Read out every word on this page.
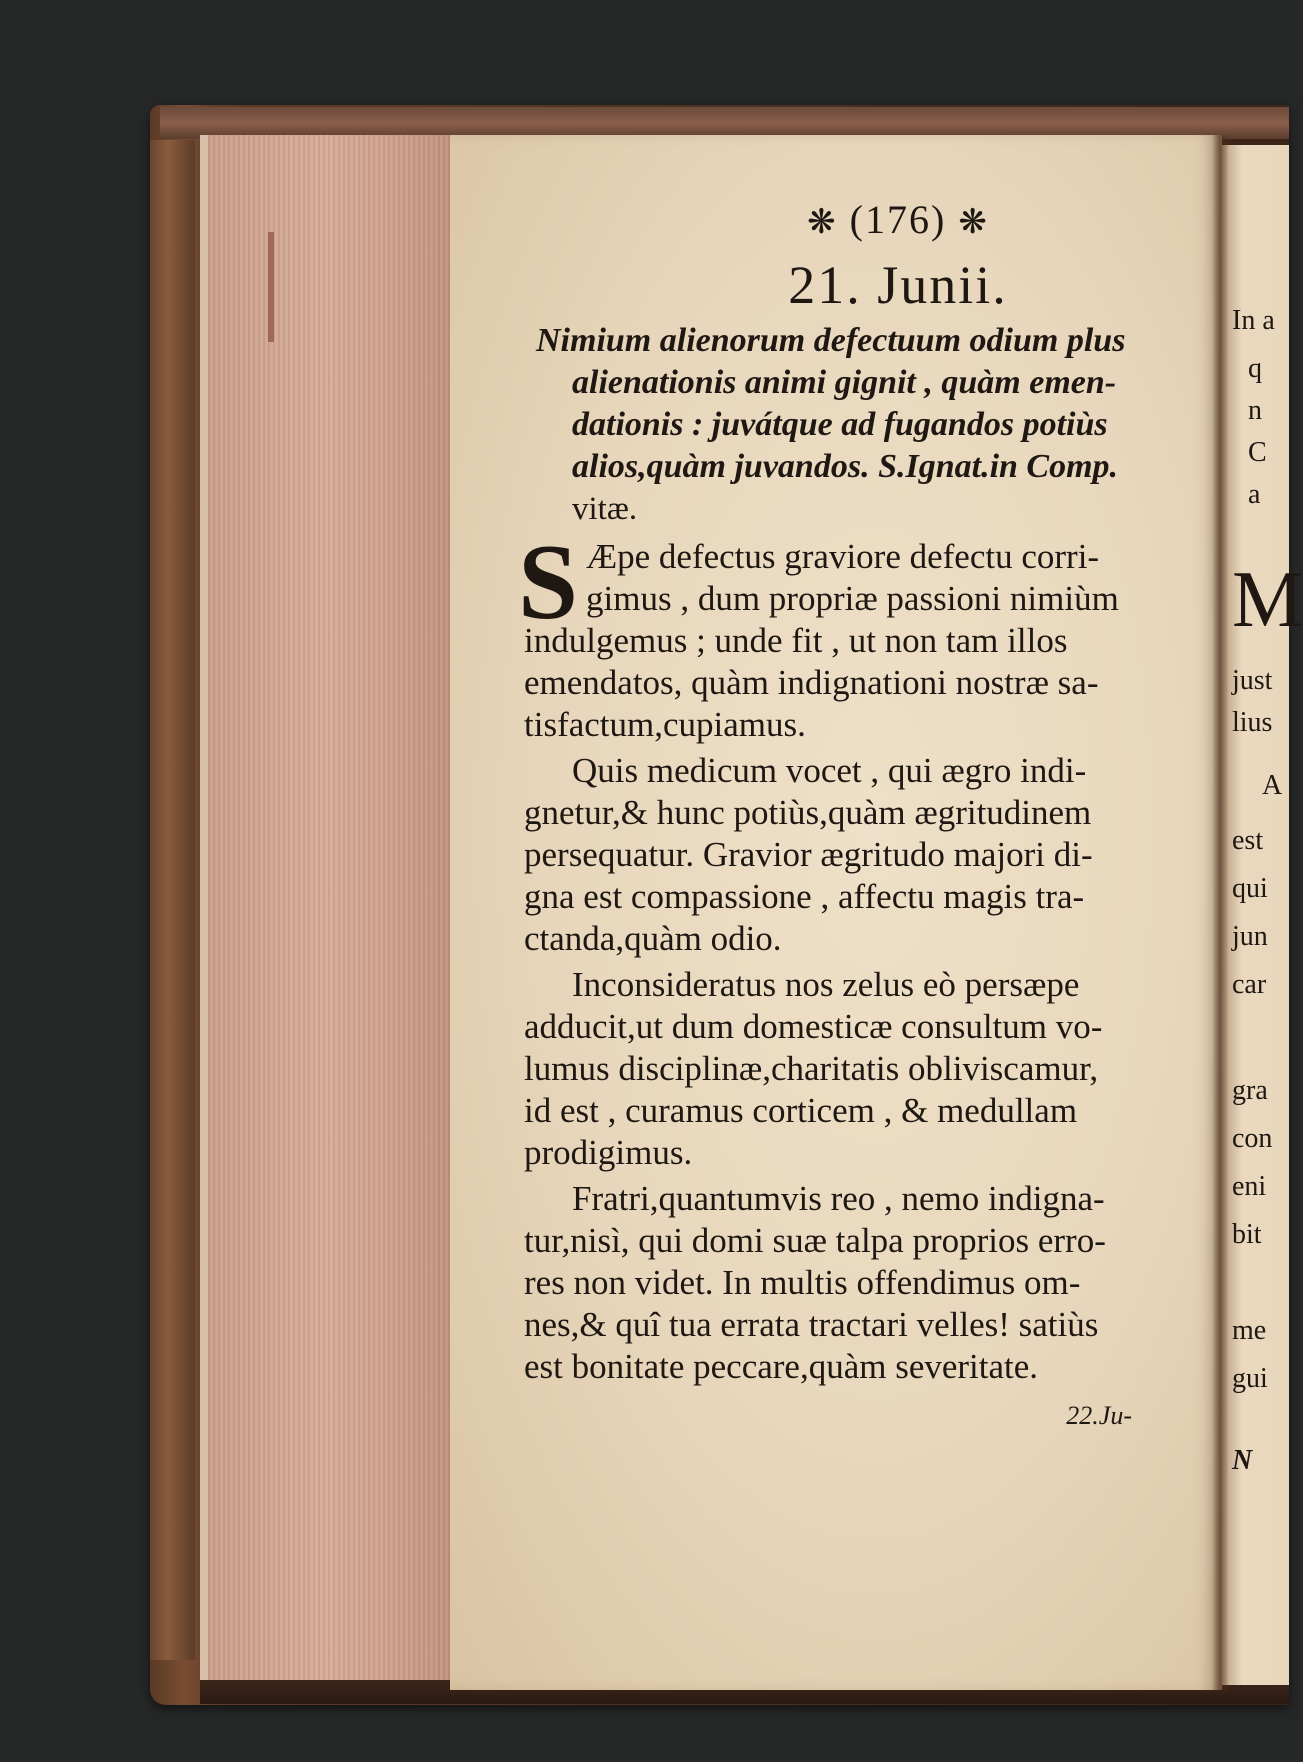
In a
q
n
C
a
M
just
lius
A
est
qui
jun
car
gra
con
eni
bit
me
gui
N
❋ (176) ❋
21. Junii.
Nimium alienorum defectuum odium plus
alienationis animi gignit , quàm emen-
dationis : juvátque ad fugandos potiùs
alios,quàm juvandos. S.Ignat.in Comp.
vitæ.
S Æpe defectus graviore defectu corri-
gimus , dum propriæ passioni nimiùm
indulgemus ; unde fit , ut non tam illos
emendatos, quàm indignationi nostræ sa-
tisfactum,cupiamus.
Quis medicum vocet , qui ægro indi-
gnetur,& hunc potiùs,quàm ægritudinem
persequatur. Gravior ægritudo majori di-
gna est compassione , affectu magis tra-
ctanda,quàm odio.
Inconsideratus nos zelus eò persæpe
adducit,ut dum domesticæ consultum vo-
lumus disciplinæ,charitatis obliviscamur,
id est , curamus corticem , & medullam
prodigimus.
Fratri,quantumvis reo , nemo indigna-
tur,nisì, qui domi suæ talpa proprios erro-
res non videt. In multis offendimus om-
nes,& quî tua errata tractari velles! satiùs
est bonitate peccare,quàm severitate.
22.Ju-
